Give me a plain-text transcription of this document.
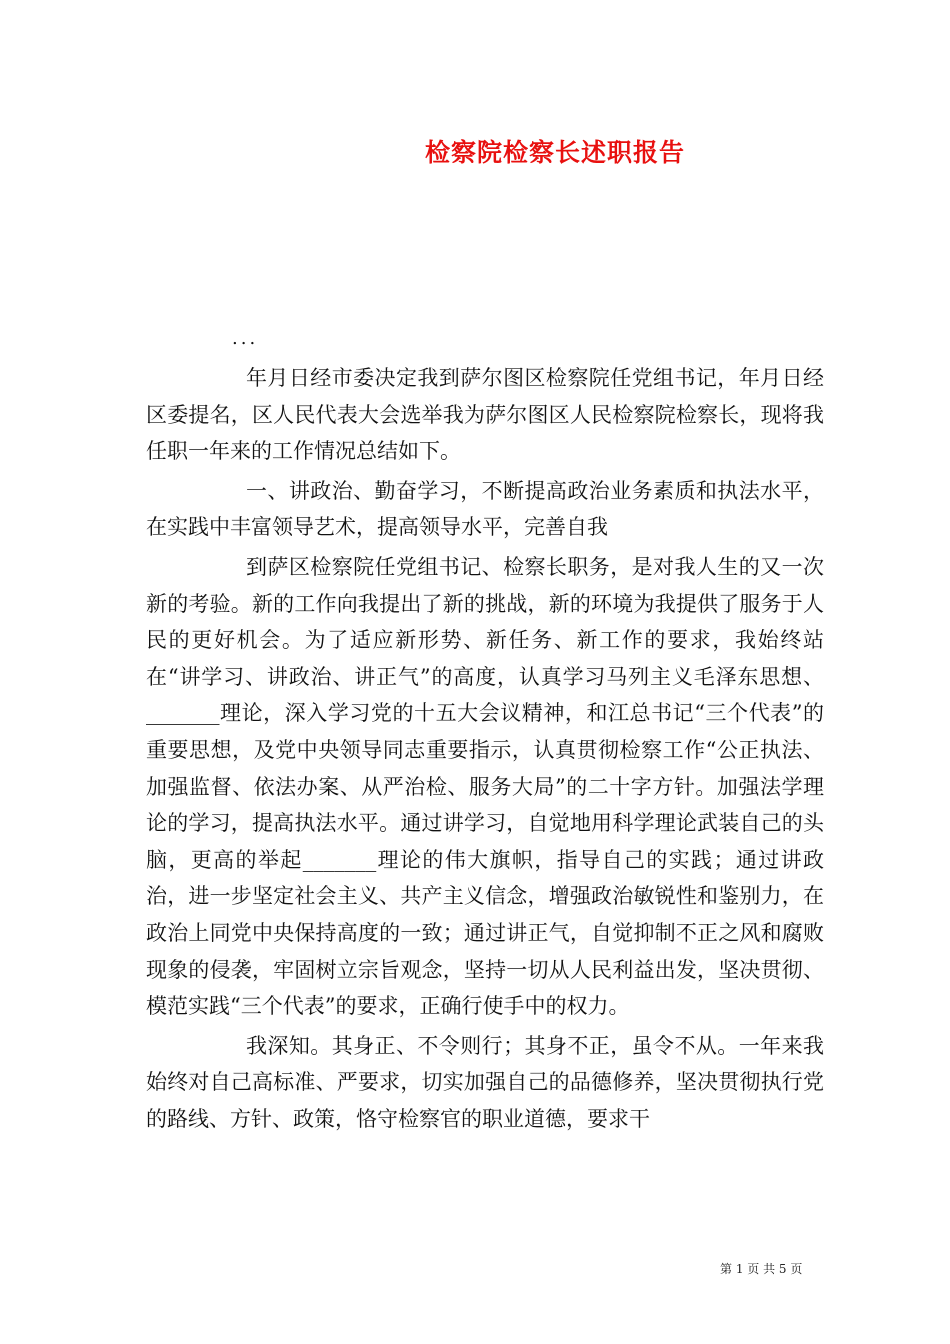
检察院检察长述职报告
...

年月日经市委决定我到萨尔图区检察院任党组书记，年月日经区委提名，区人民代表大会选举我为萨尔图区人民检察院检察长，现将我任职一年来的工作情况总结如下。

一、讲政治、勤奋学习，不断提高政治业务素质和执法水平，在实践中丰富领导艺术，提高领导水平，完善自我

到萨区检察院任党组书记、检察长职务，是对我人生的又一次新的考验。新的工作向我提出了新的挑战，新的环境为我提供了服务于人民的更好机会。为了适应新形势、新任务、新工作的要求，我始终站在“讲学习、讲政治、讲正气”的高度，认真学习马列主义毛泽东思想、_______理论，深入学习党的十五大会议精神，和江总书记“三个代表”的重要思想，及党中央领导同志重要指示，认真贯彻检察工作“公正执法、加强监督、依法办案、从严治检、服务大局”的二十字方针。加强法学理论的学习，提高执法水平。通过讲学习，自觉地用科学理论武装自己的头脑，更高的举起_______理论的伟大旗帜，指导自己的实践；通过讲政治，进一步坚定社会主义、共产主义信念，增强政治敏锐性和鉴别力，在政治上同党中央保持高度的一致；通过讲正气，自觉抑制不正之风和腐败现象的侵袭，牢固树立宗旨观念，坚持一切从人民利益出发，坚决贯彻、模范实践“三个代表”的要求，正确行使手中的权力。

我深知。其身正、不令则行；其身不正，虽令不从。一年来我始终对自己高标准、严要求，切实加强自己的品德修养，坚决贯彻执行党的路线、方针、政策，恪守检察官的职业道德，要求干

第 1 页 共 5 页
